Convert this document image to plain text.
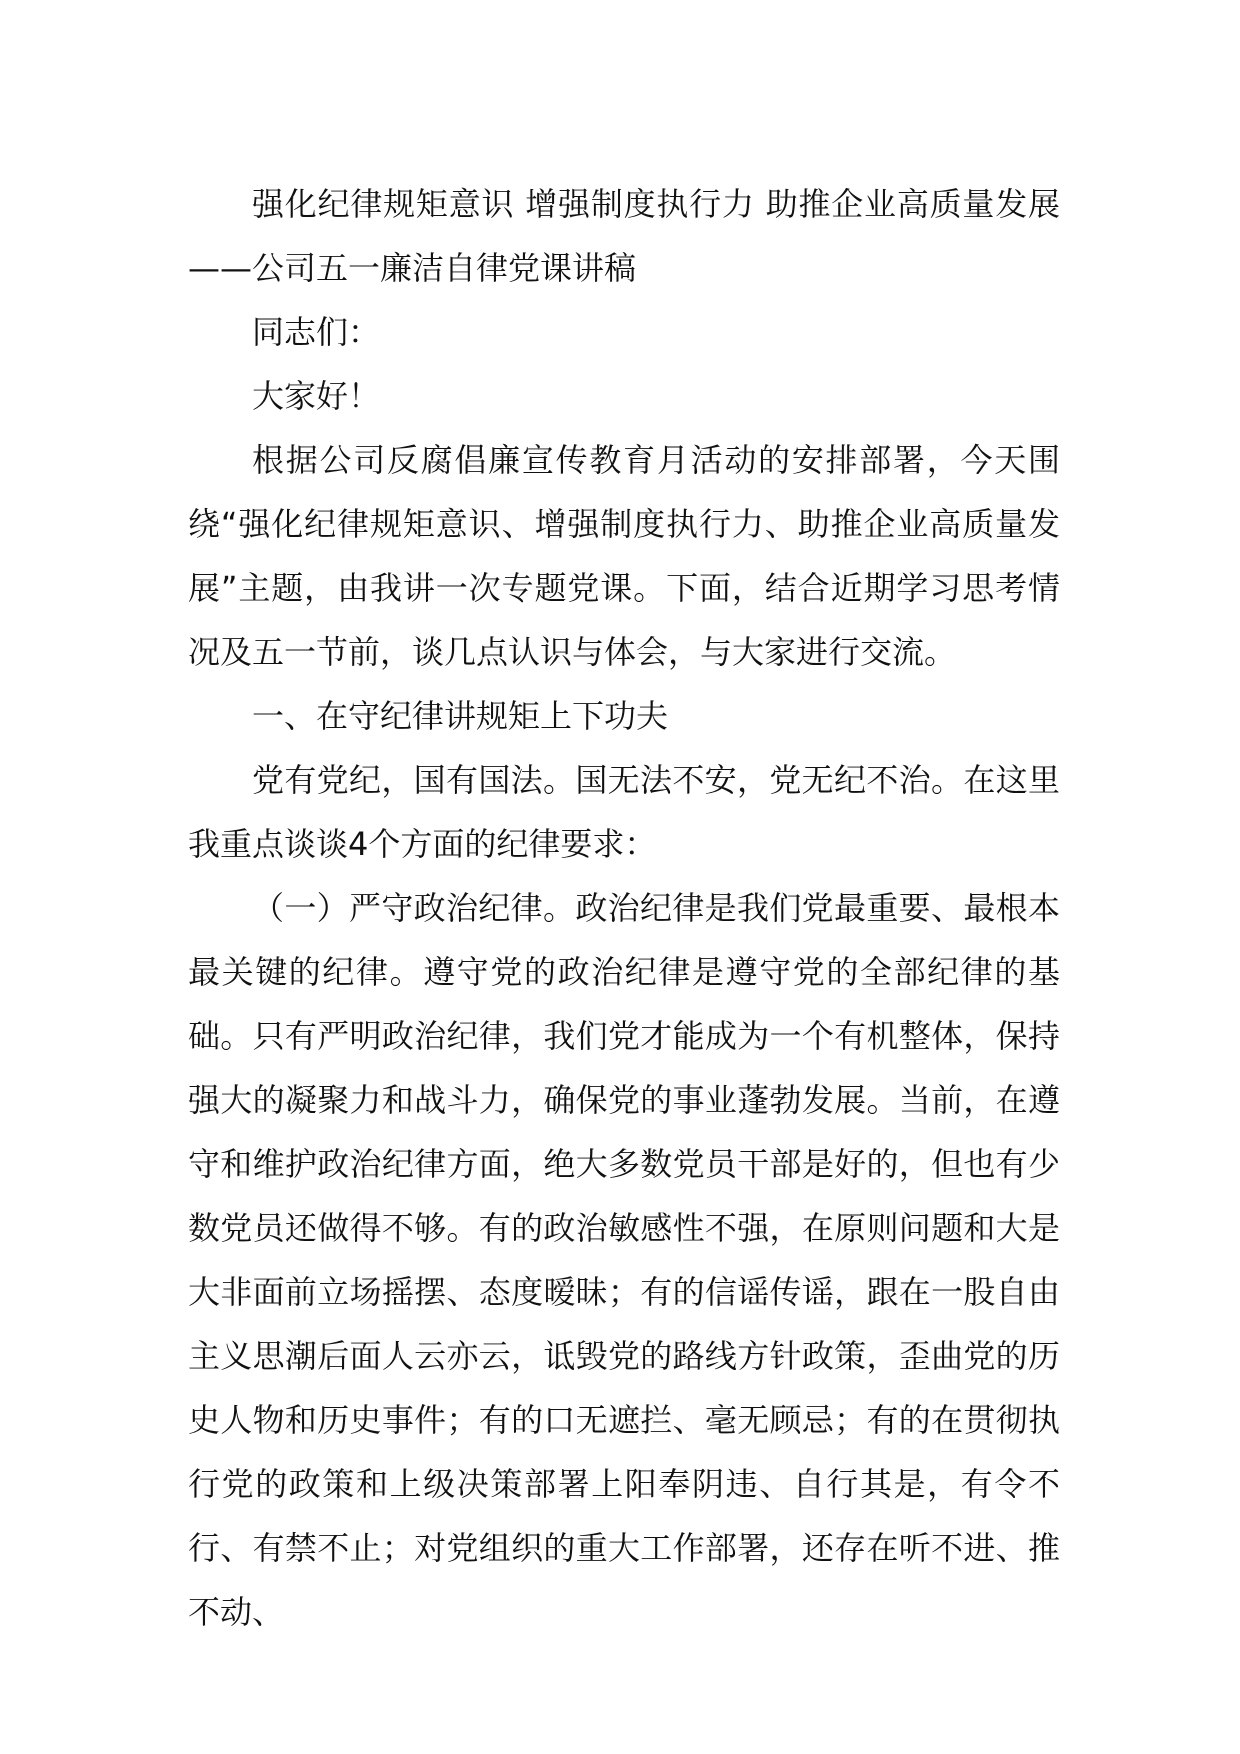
强化纪律规矩意识 增强制度执行力 助推企业高质量发展——公司五一廉洁自律党课讲稿

同志们：

大家好！

根据公司反腐倡廉宣传教育月活动的安排部署，今天围绕“强化纪律规矩意识、增强制度执行力、助推企业高质量发展”主题，由我讲一次专题党课。下面，结合近期学习思考情况及五一节前，谈几点认识与体会，与大家进行交流。

一、在守纪律讲规矩上下功夫

党有党纪，国有国法。国无法不安，党无纪不治。在这里我重点谈谈4个方面的纪律要求：

（一）严守政治纪律。政治纪律是我们党最重要、最根本最关键的纪律。遵守党的政治纪律是遵守党的全部纪律的基础。只有严明政治纪律，我们党才能成为一个有机整体，保持强大的凝聚力和战斗力，确保党的事业蓬勃发展。当前，在遵守和维护政治纪律方面，绝大多数党员干部是好的，但也有少数党员还做得不够。有的政治敏感性不强，在原则问题和大是大非面前立场摇摆、态度暧昧；有的信谣传谣，跟在一股自由主义思潮后面人云亦云，诋毁党的路线方针政策，歪曲党的历史人物和历史事件；有的口无遮拦、毫无顾忌；有的在贯彻执行党的政策和上级决策部署上阳奉阴违、自行其是，有令不行、有禁不止；对党组织的重大工作部署，还存在听不进、推不动、
